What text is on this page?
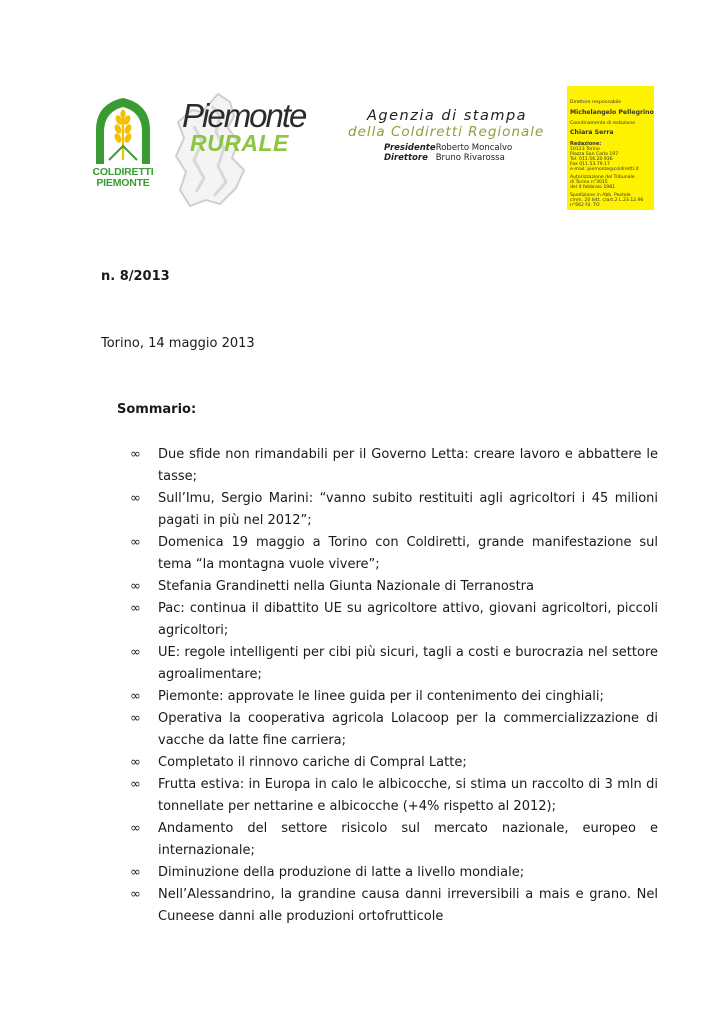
COLDIRETTI
PIEMONTE
Piemonte
RURALE
Agenzia di stampa
della Coldiretti Regionale
Presidente Roberto Moncalvo
Direttore Bruno Rivarossa
Direttore responsabile
Michelangelo Pellegrino
Coordinamento di redazione
Chiara Serra
Redazione:
10123 Torino
Piazza San Carlo 197
Tel. 011.56.20.936
Fax 011.53.79.17
e-mail: piemonte@coldiretti.it
Autorizzazione del Tribunale
di Torino n°3015
del 4 febbraio 1981
Spedizione in Abb. Postale
cmm. 20 lett. c)art.2 L.23.12.96
n°662 Fil. TO
n. 8/2013
Torino, 14 maggio 2013
Sommario:
∞ Due sfide non rimandabili per il Governo Letta: creare lavoro e abbattere le tasse;
∞ Sull’Imu, Sergio Marini: “vanno subito restituiti agli agricoltori i 45 milioni pagati in più nel 2012”;
∞ Domenica 19 maggio a Torino con Coldiretti, grande manifestazione sul tema “la montagna vuole vivere”;
∞ Stefania Grandinetti nella Giunta Nazionale di Terranostra
∞ Pac: continua il dibattito UE su agricoltore attivo, giovani agricoltori, piccoli agricoltori;
∞ UE: regole intelligenti per cibi più sicuri, tagli a costi e burocrazia nel settore agroalimentare;
∞ Piemonte: approvate le linee guida per il contenimento dei cinghiali;
∞ Operativa la cooperativa agricola Lolacoop per la commercializzazione di vacche da latte fine carriera;
∞ Completato il rinnovo cariche di Compral Latte;
∞ Frutta estiva: in Europa in calo le albicocche, si stima un raccolto di 3 mln di tonnellate per nettarine e albicocche (+4% rispetto al 2012);
∞ Andamento del settore risicolo sul mercato nazionale, europeo e internazionale;
∞ Diminuzione della produzione di latte a livello mondiale;
∞ Nell’Alessandrino, la grandine causa danni irreversibili a mais e grano. Nel Cuneese danni alle produzioni ortofrutticole
